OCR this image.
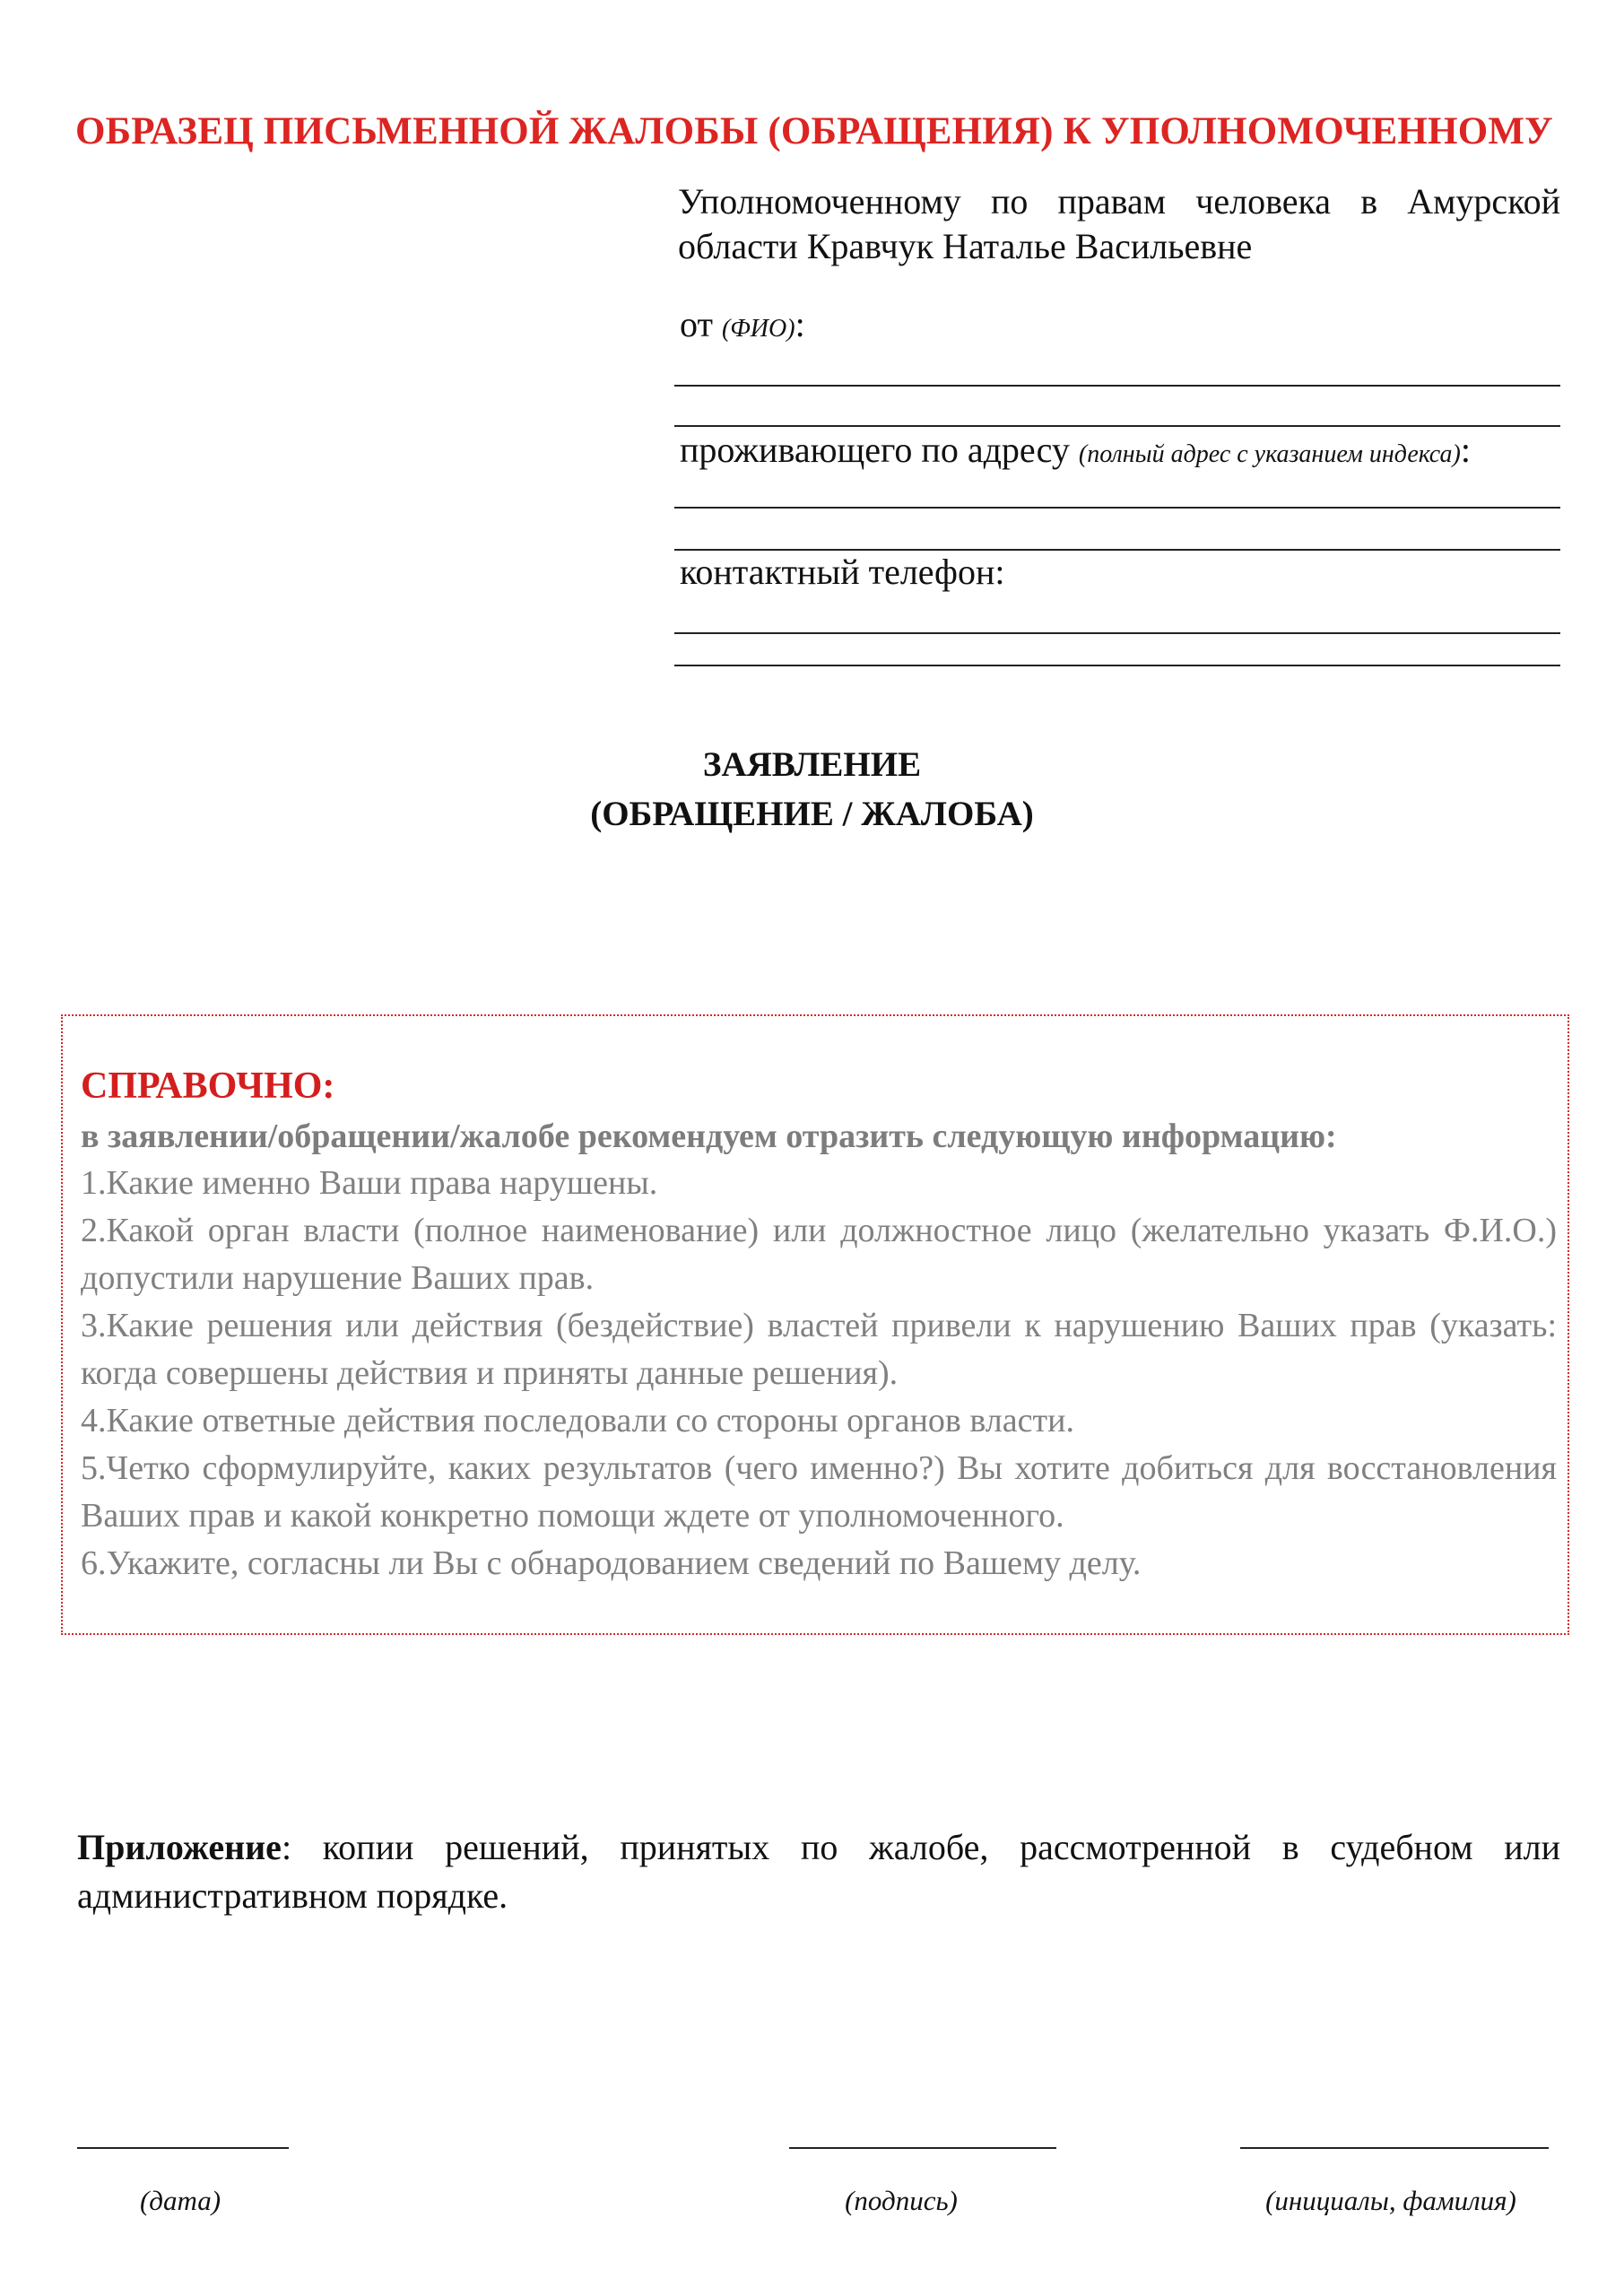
ОБРАЗЕЦ ПИСЬМЕННОЙ ЖАЛОБЫ (ОБРАЩЕНИЯ) К УПОЛНОМОЧЕННОМУ
Уполномоченному по правам человека в Амурской области Кравчук Наталье Васильевне
от (ФИО):
проживающего по адресу (полный адрес с указанием индекса):
контактный телефон:
ЗАЯВЛЕНИЕ
(ОБРАЩЕНИЕ / ЖАЛОБА)
СПРАВОЧНО:
в заявлении/обращении/жалобе рекомендуем отразить следующую информацию:
1.Какие именно Ваши права нарушены.
2.Какой орган власти (полное наименование) или должностное лицо (желательно указать Ф.И.О.) допустили нарушение Ваших прав.
3.Какие решения или действия (бездействие) властей привели к нарушению Ваших прав (указать: когда совершены действия и приняты данные решения).
4.Какие ответные действия последовали со стороны органов власти.
5.Четко сформулируйте, каких результатов (чего именно?) Вы хотите добиться для восстановления Ваших прав и какой конкретно помощи ждете от уполномоченного.
6.Укажите, согласны ли Вы с обнародованием сведений по Вашему делу.
Приложение: копии решений, принятых по жалобе, рассмотренной в судебном или административном порядке.
(дата)	(подпись)	(инициалы, фамилия)
